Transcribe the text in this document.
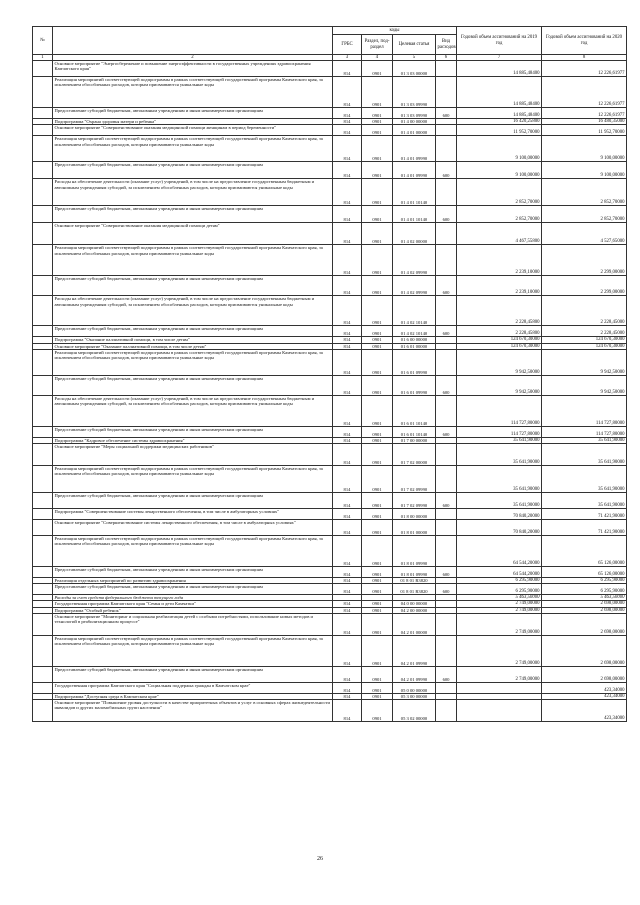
№		коды				Годовой объем ассигнований на 2019 год	Годовой объем ассигнований на 2020 год
		ГРБС	Раздел, под-раздел	Целевая статья	Вид расходов		
1	2	3	4	5	6	7	8
	Основное мероприятие "Энергосбережение и повышение энергоэффективности в государственных учреждениях здравоохранения Камчатского края"	814	0901	01 3 03 00000		14 885,48400	12 226,61977
	Реализация мероприятий соответствующей подпрограммы в рамках соответствующей государственной программы Камчатского края, за исключением обособленных расходов, которым присваиваются уникальные коды	814	0901	01 3 03 09990		14 885,48400	12 226,61977
	Предоставление субсидий бюджетным, автономным учреждениям и иным некоммерческим организациям	814	0901	01 3 03 09990	600	14 885,48400	12 226,61977
	Подпрограмма "Охрана здоровья матери и ребенка"	814	0901	01 4 00 00000		16 420,25800	16 480,35000
	Основное мероприятие "Совершенствование оказания медицинской помощи женщинам в период беременности"	814	0901	01 4 01 00000		11 952,70000	11 952,70000
	Реализация мероприятий соответствующей подпрограммы в рамках соответствующей государственной программы Камчатского края, за исключением обособленных расходов, которым присваиваются уникальные коды	814	0901	01 4 01 09990		9 100,00000	9 100,00000
	Предоставление субсидий бюджетным, автономным учреждениям и иным некоммерческим организациям	814	0901	01 4 01 09990	600	9 100,00000	9 100,00000
	Расходы на обеспечение деятельности (оказание услуг) учреждений, в том числе на предоставление государственным бюджетным и автономным учреждениям субсидий, за исключением обособленных расходов, которым присваиваются уникальные коды	814	0901	01 4 01 10140		2 852,70000	2 852,70000
	Предоставление субсидий бюджетным, автономным учреждениям и иным некоммерческим организациям	814	0901	01 4 01 10140	600	2 852,70000	2 852,70000
	Основное мероприятие "Совершенствование оказания медицинской помощи детям"	814	0901	01 4 02 00000		4 467,55800	4 527,65000
	Реализация мероприятий соответствующей подпрограммы в рамках соответствующей государственной программы Камчатского края, за исключением обособленных расходов, которым присваиваются уникальные коды	814	0901	01 4 02 09990		2 239,10000	2 299,00000
	Предоставление субсидий бюджетным, автономным учреждениям и иным некоммерческим организациям	814	0901	01 4 02 09990	600	2 239,10000	2 299,00000
	Расходы на обеспечение деятельности (оказание услуг) учреждений, в том числе на предоставление государственным бюджетным и автономным учреждениям субсидий, за исключением обособленных расходов, которым присваиваются уникальные коды	814	0901	01 4 02 10140		2 228,45800	2 228,45000
	Предоставление субсидий бюджетным, автономным учреждениям и иным некоммерческим организациям	814	0901	01 4 02 10140	600	2 228,45800	2 228,45000
	Подпрограмма "Оказание паллиативной помощи, в том числе детям"	814	0901	01 6 00 00000		124 670,30000	124 670,30000
	Основное мероприятие "Оказание паллиативной помощи, в том числе детям"	814	0901	01 6 01 00000		124 670,30000	124 670,30000
	Реализация мероприятий соответствующей подпрограммы в рамках соответствующей государственной программы Камчатского края, за исключением обособленных расходов, которым присваиваются уникальные коды	814	0901	01 6 01 09990		9 942,50000	9 942,50000
	Предоставление субсидий бюджетным, автономным учреждениям и иным некоммерческим организациям	814	0901	01 6 01 09990	600	9 942,50000	9 942,50000
	Расходы на обеспечение деятельности (оказание услуг) учреждений, в том числе на предоставление государственным бюджетным и автономным учреждениям субсидий, за исключением обособленных расходов, которым присваиваются уникальные коды	814	0901	01 6 01 10140		114 727,80000	114 727,80000
	Предоставление субсидий бюджетным, автономным учреждениям и иным некоммерческим организациям	814	0901	01 6 01 10140	600	114 727,80000	114 727,80000
	Подпрограмма "Кадровое обеспечение системы здравоохранения"	814	0901	01 7 00 00000		35 641,90000	35 641,90000
	Основное мероприятие "Меры социальной поддержки медицинских работников"	814	0901	01 7 02 00000		35 641,90000	35 641,90000
	Реализация мероприятий соответствующей подпрограммы в рамках соответствующей государственной программы Камчатского края, за исключением обособленных расходов, которым присваиваются уникальные коды	814	0901	01 7 02 09990		35 641,90000	35 641,90000
	Предоставление субсидий бюджетным, автономным учреждениям и иным некоммерческим организациям	814	0901	01 7 02 09990	600	35 641,90000	35 641,90000
	Подпрограмма "Совершенствование системы лекарственного обеспечения, в том числе в амбулаторных условиях"	814	0901	01 8 00 00000		70 840,20000	71 421,90000
	Основное мероприятие "Совершенствование системы лекарственного обеспечения, в том числе в амбулаторных условиях"	814	0901	01 8 01 00000		70 840,20000	71 421,90000
	Реализация мероприятий соответствующей подпрограммы в рамках соответствующей государственной программы Камчатского края, за исключением обособленных расходов, которым присваиваются уникальные коды	814	0901	01 8 01 09990		64 544,20000	65 126,00000
	Предоставление субсидий бюджетным, автономным учреждениям и иным некоммерческим организациям	814	0901	01 8 01 09990	600	64 544,20000	65 126,00000
	Реализация отдельных мероприятий по развитию здравоохранения	814	0901	01 8 01 R3820		6 295,90000	6 295,90000
	Предоставление субсидий бюджетным, автономным учреждениям и иным некоммерческим организациям	814	0901	01 8 01 R3820	600	6 295,90000	6 295,90000
	Расходы за счет средств федерального бюджета текущего года					5 463,50000	5 463,50000
	Государственная программа Камчатского края "Семья и дети Камчатки"	814	0901	04 0 00 00000		2 749,00000	2 698,00000
	Подпрограмма "Особый ребенок"	814	0901	04 2 00 00000		2 749,00000	2 698,00000
	Основное мероприятие "Мониторинг и социальная реабилитация детей с особыми потребностями, использование новых методов и технологий в реабилитационном процессе"	814	0901	04 2 01 00000		2 749,00000	2 698,00000
	Реализация мероприятий соответствующей подпрограммы в рамках соответствующей государственной программы Камчатского края, за исключением обособленных расходов, которым присваиваются уникальные коды	814	0901	04 2 01 09990		2 749,00000	2 698,00000
	Предоставление субсидий бюджетным, автономным учреждениям и иным некоммерческим организациям	814	0901	04 2 01 09990	600	2 749,00000	2 698,00000
	Государственная программа Камчатского края "Социальная поддержка граждан в Камчатском крае"	814	0901	05 0 00 00000			423,34000
	Подпрограмма "Доступная среда в Камчатском крае"	814	0901	05 3 00 00000			423,34000
	Основное мероприятие "Повышение уровня доступности в качестве приоритетных объектов и услуг в основных сферах жизнедеятельности инвалидов и других маломобильных групп населения"	814	0901	05 3 02 00000			423,34000
26
